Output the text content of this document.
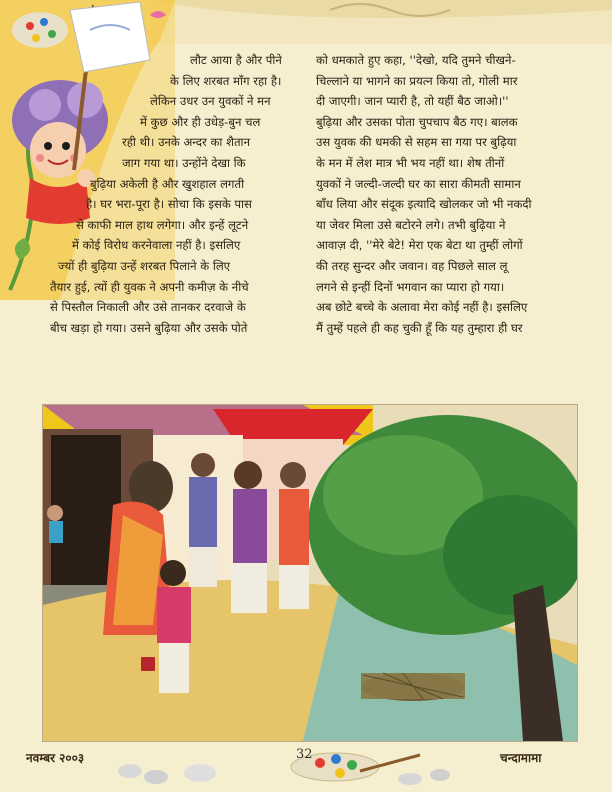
लौट आया है और पीने
के लिए शरबत माँग रहा है।
लेकिन उधर उन युवकों ने मन
में कुछ और ही उधेड़-बुन चल
रही थी। उनके अन्दर का शैतान
जाग गया था। उन्होंने देखा कि
बुढ़िया अकेली है और खुशहाल लगती
है। घर भरा-पूरा है। सोचा कि इसके पास
से काफी माल हाथ लगेगा। और इन्हें लूटने
में कोई विरोध करनेवाला नहीं है। इसलिए
ज्यों ही बुढ़िया उन्हें शरबत पिलाने के लिए
तैयार हुई, त्यों ही युवक ने अपनी कमीज़ के नीचे
से पिस्तौल निकाली और उसे तानकर दरवाजे के
बीच खड़ा हो गया। उसने बुढ़िया और उसके पोते
को धमकाते हुए कहा, ''देखो, यदि तुमने चीखने-
चिल्लाने या भागने का प्रयत्न किया तो, गोली मार
दी जाएगी। जान प्यारी है, तो यहीं बैठ जाओ।''
बुढ़िया और उसका पोता चुपचाप बैठ गए। बालक
उस युवक की धमकी से सहम सा गया पर बुढ़िया
के मन में लेश मात्र भी भय नहीं था। शेष तीनों
युवकों ने जल्दी-जल्दी घर का सारा कीमती सामान
बाँध लिया और संदूक इत्यादि खोलकर जो भी नकदी
या जेवर मिला उसे बटोरने लगे। तभी बुढ़िया ने
आवाज़ दी, ''मेरे बेटे! मेरा एक बेटा था तुम्हीं लोगों
की तरह सुन्दर और जवान। वह पिछले साल लू
लगने से इन्हीं दिनों भगवान का प्यारा हो गया।
अब छोटे बच्चे के अलावा मेरा कोई नहीं है। इसलिए
मैं तुम्हें पहले ही कह चुकी हूँ कि यह तुम्हारा ही घर
नवम्बर २००३	32	चन्दामामा
